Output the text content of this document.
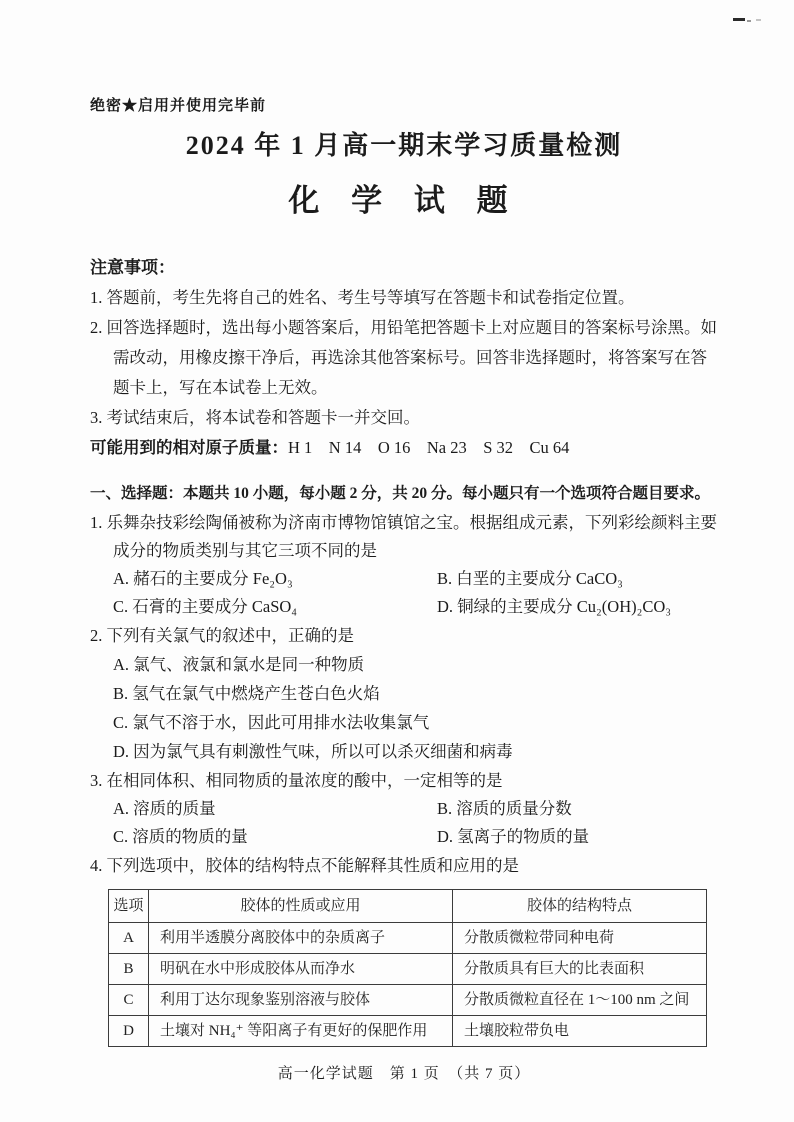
绝密★启用并使用完毕前
2024 年 1 月高一期末学习质量检测
化 学 试 题
注意事项：

1. 答题前，考生先将自己的姓名、考生号等填写在答题卡和试卷指定位置。

2. 回答选择题时，选出每小题答案后，用铅笔把答题卡上对应题目的答案标号涂黑。如需改动，用橡皮擦干净后，再选涂其他答案标号。回答非选择题时，将答案写在答题卡上，写在本试卷上无效。

3. 考试结束后，将本试卷和答题卡一并交回。

可能用到的相对原子质量：H 1　N 14　O 16　Na 23　S 32　Cu 64

一、选择题：本题共 10 小题，每小题 2 分，共 20 分。每小题只有一个选项符合题目要求。

1. 乐舞杂技彩绘陶俑被称为济南市博物馆镇馆之宝。根据组成元素，下列彩绘颜料主要成分的物质类别与其它三项不同的是

A. 赭石的主要成分 Fe₂O₃	B. 白垩的主要成分 CaCO₃
C. 石膏的主要成分 CaSO₄	D. 铜绿的主要成分 Cu₂(OH)₂CO₃

2. 下列有关氯气的叙述中，正确的是

A. 氯气、液氯和氯水是同一种物质
B. 氢气在氯气中燃烧产生苍白色火焰
C. 氯气不溶于水，因此可用排水法收集氯气
D. 因为氯气具有刺激性气味，所以可以杀灭细菌和病毒

3. 在相同体积、相同物质的量浓度的酸中，一定相等的是

A. 溶质的质量	B. 溶质的质量分数
C. 溶质的物质的量	D. 氢离子的物质的量

4. 下列选项中，胶体的结构特点不能解释其性质和应用的是

选项	胶体的性质或应用	胶体的结构特点
A	利用半透膜分离胶体中的杂质离子	分散质微粒带同种电荷
B	明矾在水中形成胶体从而净水	分散质具有巨大的比表面积
C	利用丁达尔现象鉴别溶液与胶体	分散质微粒直径在 1～100 nm 之间
D	土壤对 NH₄⁺ 等阳离子有更好的保肥作用	土壤胶粒带负电
高一化学试题　第 1 页　（共 7 页）
